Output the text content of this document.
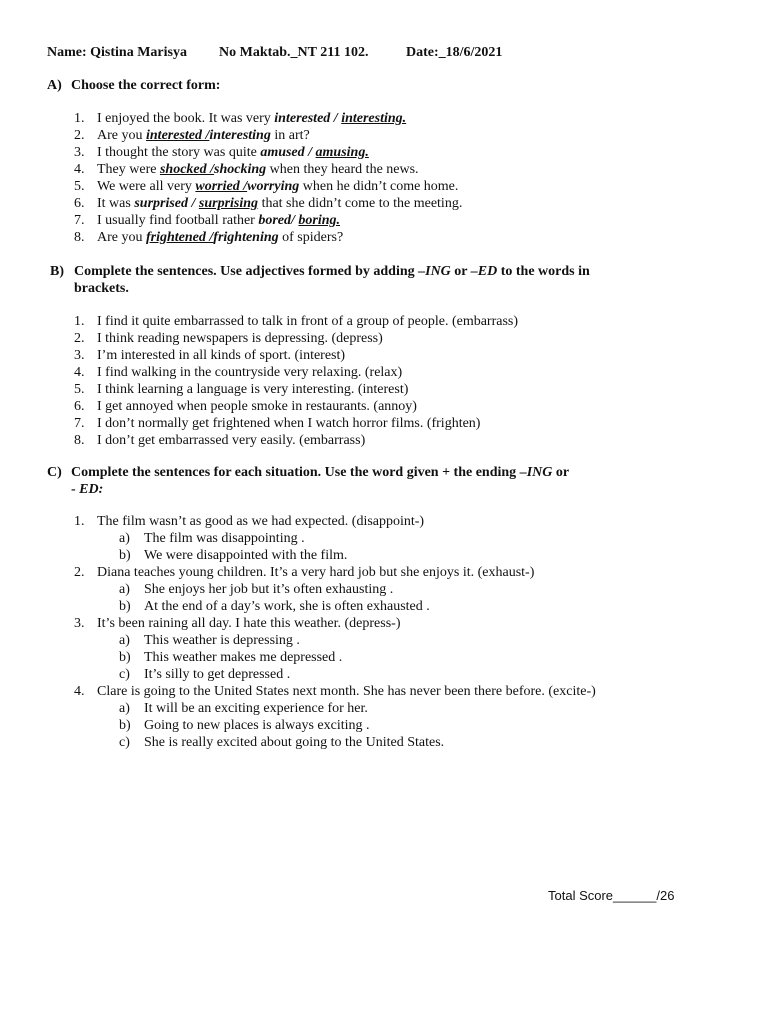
Name: Qistina Marisya No Maktab._NT 211 102.	Date:_18/6/2021
A) Choose the correct form:
1. I enjoyed the book. It was very interested / interesting.
2. Are you interested /interesting in art?
3. I thought the story was quite amused / amusing.
4. They were shocked /shocking when they heard the news.
5. We were all very worried /worrying when he didn’t come home.
6. It was surprised / surprising that she didn’t come to the meeting.
7. I usually find football rather bored/ boring.
8. Are you frightened /frightening of spiders?
B) Complete the sentences. Use adjectives formed by adding –ING or –ED to the words in
brackets.
1. I find it quite embarrassed to talk in front of a group of people. (embarrass)
2. I think reading newspapers is depressing. (depress)
3. I’m interested in all kinds of sport. (interest)
4. I find walking in the countryside very relaxing. (relax)
5. I think learning a language is very interesting. (interest)
6. I get annoyed when people smoke in restaurants. (annoy)
7. I don’t normally get frightened when I watch horror films. (frighten)
8. I don’t get embarrassed very easily. (embarrass)
C) Complete the sentences for each situation. Use the word given + the ending –ING or
- ED:
1. The film wasn’t as good as we had expected. (disappoint-)
a) The film was disappointing .
b) We were disappointed with the film.
2. Diana teaches young children. It’s a very hard job but she enjoys it. (exhaust-)
a) She enjoys her job but it’s often exhausting .
b) At the end of a day’s work, she is often exhausted .
3. It’s been raining all day. I hate this weather. (depress-)
a) This weather is depressing .
b) This weather makes me depressed .
c) It’s silly to get depressed .
4. Clare is going to the United States next month. She has never been there before. (excite-)
a) It will be an exciting experience for her.
b) Going to new places is always exciting .
c) She is really excited about going to the United States.
Total Score______/26
